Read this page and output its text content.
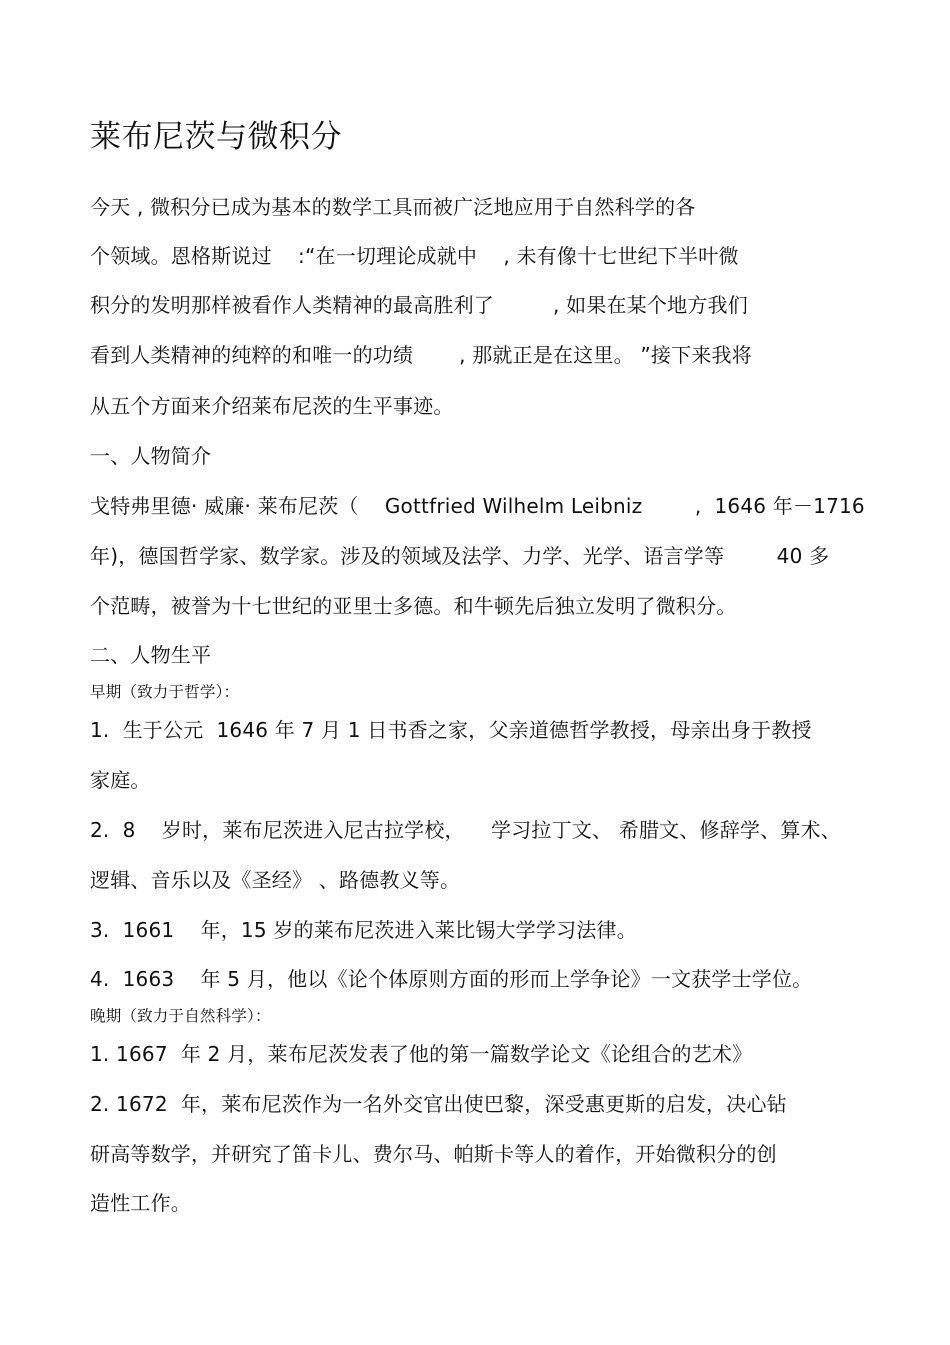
莱布尼茨与微积分
今天 , 微积分已成为基本的数学工具而被广泛地应用于自然科学的各
个领域。恩格斯说过    :“在一切理论成就中    , 未有像十七世纪下半叶微
积分的发明那样被看作人类精神的最高胜利了         , 如果在某个地方我们
看到人类精神的纯粹的和唯一的功绩       , 那就正是在这里。 ”接下来我将
从五个方面来介绍莱布尼茨的生平事迹。
一、人物简介
戈特弗里德· 威廉· 莱布尼茨（    Gottfried Wilhelm Leibniz        ,  1646 年－1716
年)，德国哲学家、数学家。涉及的领域及法学、力学、光学、语言学等        40 多
个范畴，被誉为十七世纪的亚里士多德。和牛顿先后独立发明了微积分。
二、人物生平
早期（致力于哲学）：
1.  生于公元  1646 年 7 月 1 日书香之家，父亲道德哲学教授，母亲出身于教授
家庭。
2.  8    岁时，莱布尼茨进入尼古拉学校，    学习拉丁文、 希腊文、修辞学、算术、
逻辑、音乐以及《圣经》 、路德教义等。
3.  1661    年，15 岁的莱布尼茨进入莱比锡大学学习法律。
4.  1663    年 5 月，他以《论个体原则方面的形而上学争论》一文获学士学位。
晚期（致力于自然科学）：
1. 1667  年 2 月，莱布尼茨发表了他的第一篇数学论文《论组合的艺术》
2. 1672  年，莱布尼茨作为一名外交官出使巴黎，深受惠更斯的启发，决心钻
研高等数学，并研究了笛卡儿、费尔马、帕斯卡等人的着作，开始微积分的创
造性工作。
